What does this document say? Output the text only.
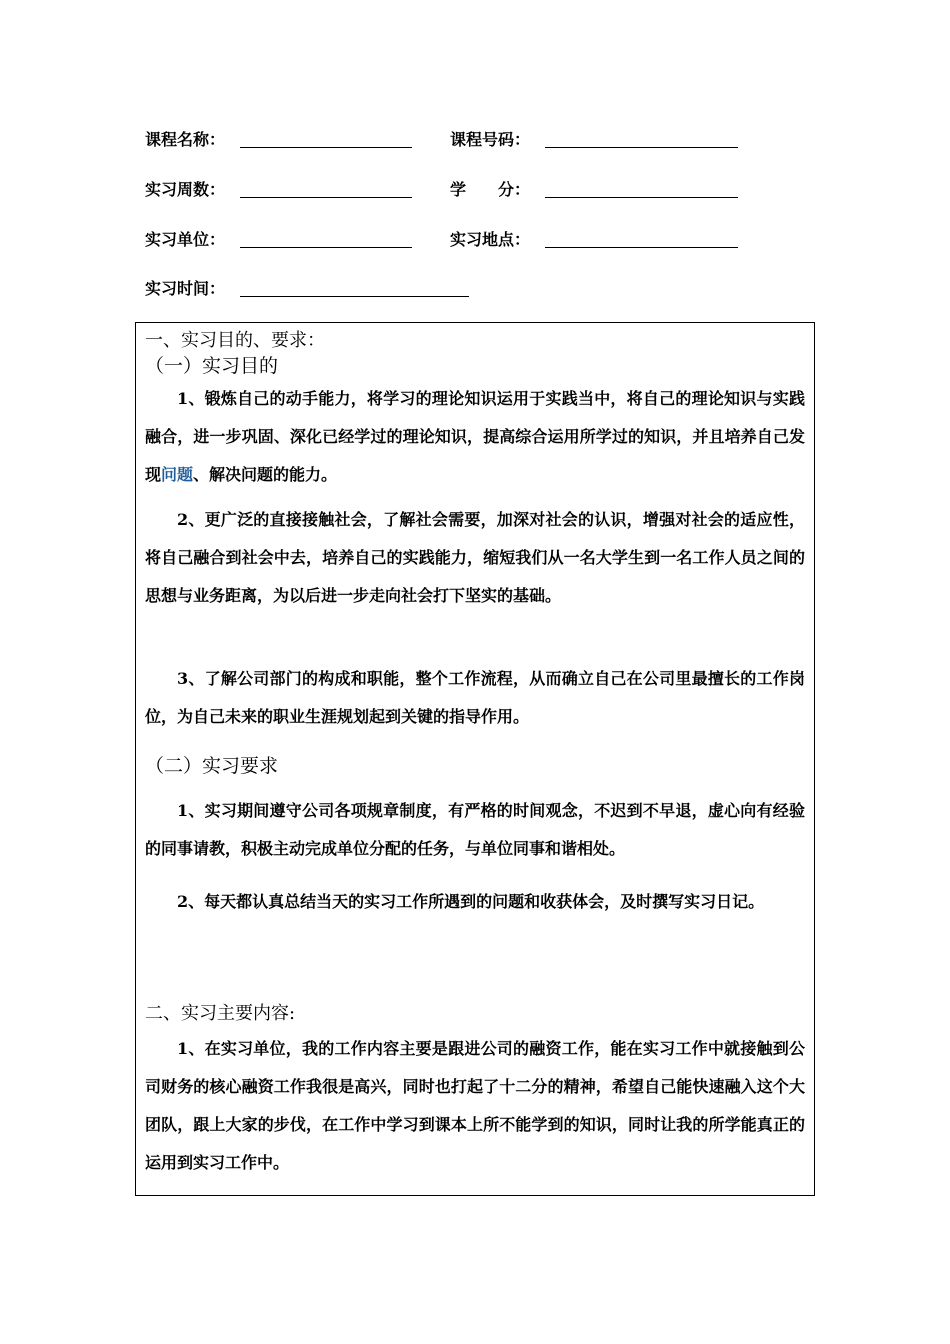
课程名称：	课程号码：
实习周数：	学　　分：
实习单位：	实习地点：
实习时间：
一、实习目的、要求：
（一）实习目的
1、锻炼自己的动手能力，将学习的理论知识运用于实践当中，将自己的理论知识与实践融合，进一步巩固、深化已经学过的理论知识，提高综合运用所学过的知识，并且培养自己发现问题、解决问题的能力。
2、更广泛的直接接触社会，了解社会需要，加深对社会的认识，增强对社会的适应性，将自己融合到社会中去，培养自己的实践能力，缩短我们从一名大学生到一名工作人员之间的思想与业务距离，为以后进一步走向社会打下坚实的基础。
3、了解公司部门的构成和职能，整个工作流程，从而确立自己在公司里最擅长的工作岗位，为自己未来的职业生涯规划起到关键的指导作用。
（二）实习要求
1、实习期间遵守公司各项规章制度，有严格的时间观念，不迟到不早退，虚心向有经验的同事请教，积极主动完成单位分配的任务，与单位同事和谐相处。
2、每天都认真总结当天的实习工作所遇到的问题和收获体会，及时撰写实习日记。
二、实习主要内容:
1、在实习单位，我的工作内容主要是跟进公司的融资工作，能在实习工作中就接触到公司财务的核心融资工作我很是高兴，同时也打起了十二分的精神，希望自己能快速融入这个大团队，跟上大家的步伐，在工作中学习到课本上所不能学到的知识，同时让我的所学能真正的运用到实习工作中。
